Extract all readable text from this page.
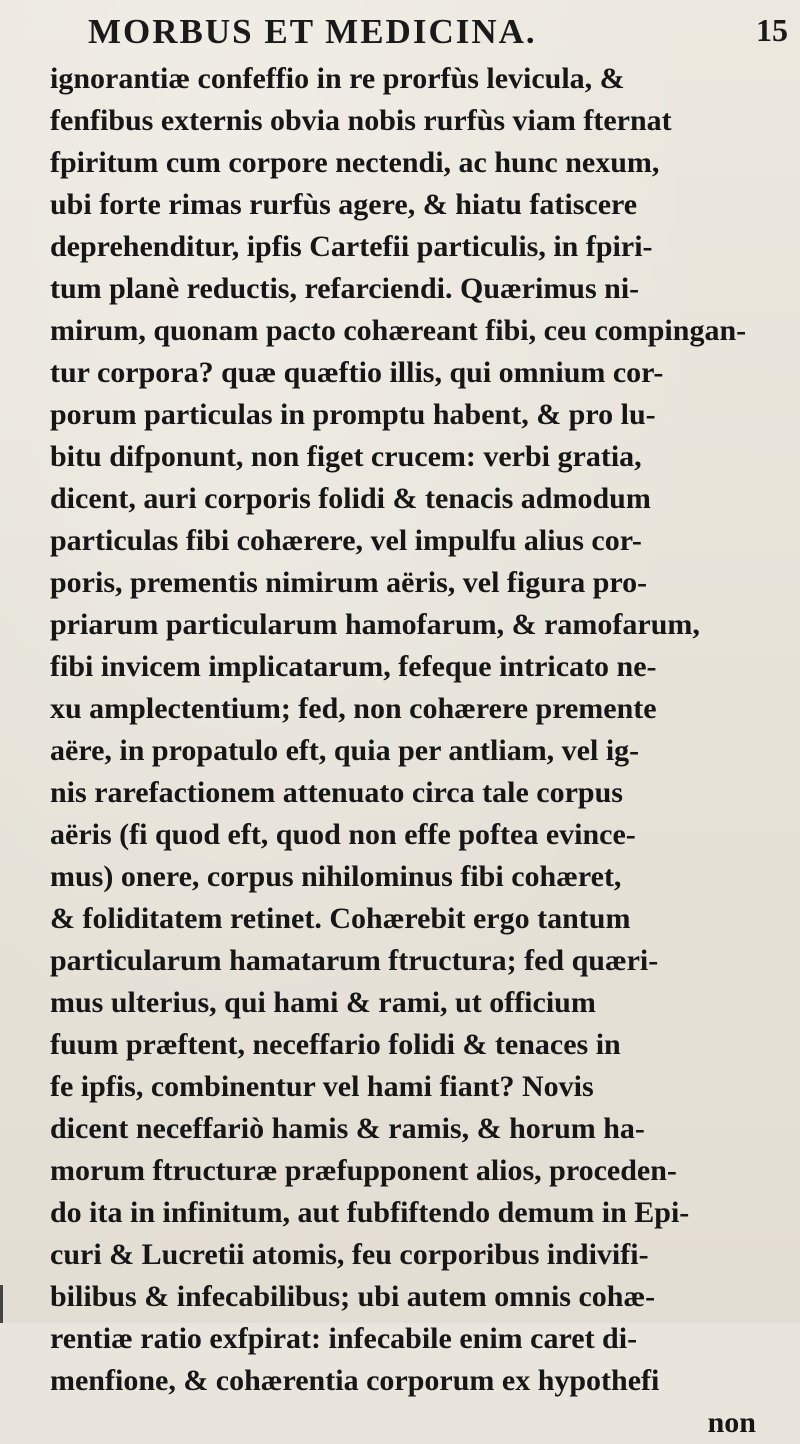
MORBUS ET MEDICINA.	15
ignorantiæ confeffio in re prorfùs levicula, &
fenfibus externis obvia nobis rurfùs viam fternat
fpiritum cum corpore nectendi, ac hunc nexum,
ubi forte rimas rurfùs agere, & hiatu fatiscere
deprehenditur, ipfis Cartefii particulis, in fpiri-
tum planè reductis, refarciendi. Quærimus ni-
mirum, quonam pacto cohæreant fibi, ceu compingan-
tur corpora? quæ quæftio illis, qui omnium cor-
porum particulas in promptu habent, & pro lu-
bitu difponunt, non figet crucem: verbi gratia,
dicent, auri corporis folidi & tenacis admodum
particulas fibi cohærere, vel impulfu alius cor-
poris, prementis nimirum aëris, vel figura pro-
priarum particularum hamofarum, & ramofarum,
fibi invicem implicatarum, fefeque intricato ne-
xu amplectentium; fed, non cohærere premente
aëre, in propatulo eft, quia per antliam, vel ig-
nis rarefactionem attenuato circa tale corpus
aëris (fi quod eft, quod non effe poftea evince-
mus) onere, corpus nihilominus fibi cohæret,
& foliditatem retinet. Cohærebit ergo tantum
particularum hamatarum ftructura; fed quæri-
mus ulterius, qui hami & rami, ut officium
fuum præftent, neceffario folidi & tenaces in
fe ipfis, combinentur vel hami fiant? Novis
dicent neceffariò hamis & ramis, & horum ha-
morum ftructuræ præfupponent alios, proceden-
do ita in infinitum, aut fubfiftendo demum in Epi-
curi & Lucretii atomis, feu corporibus indivifi-
bilibus & infecabilibus; ubi autem omnis cohæ-
rentiæ ratio exfpirat: infecabile enim caret di-
menfione, & cohærentia corporum ex hypothefi
non
